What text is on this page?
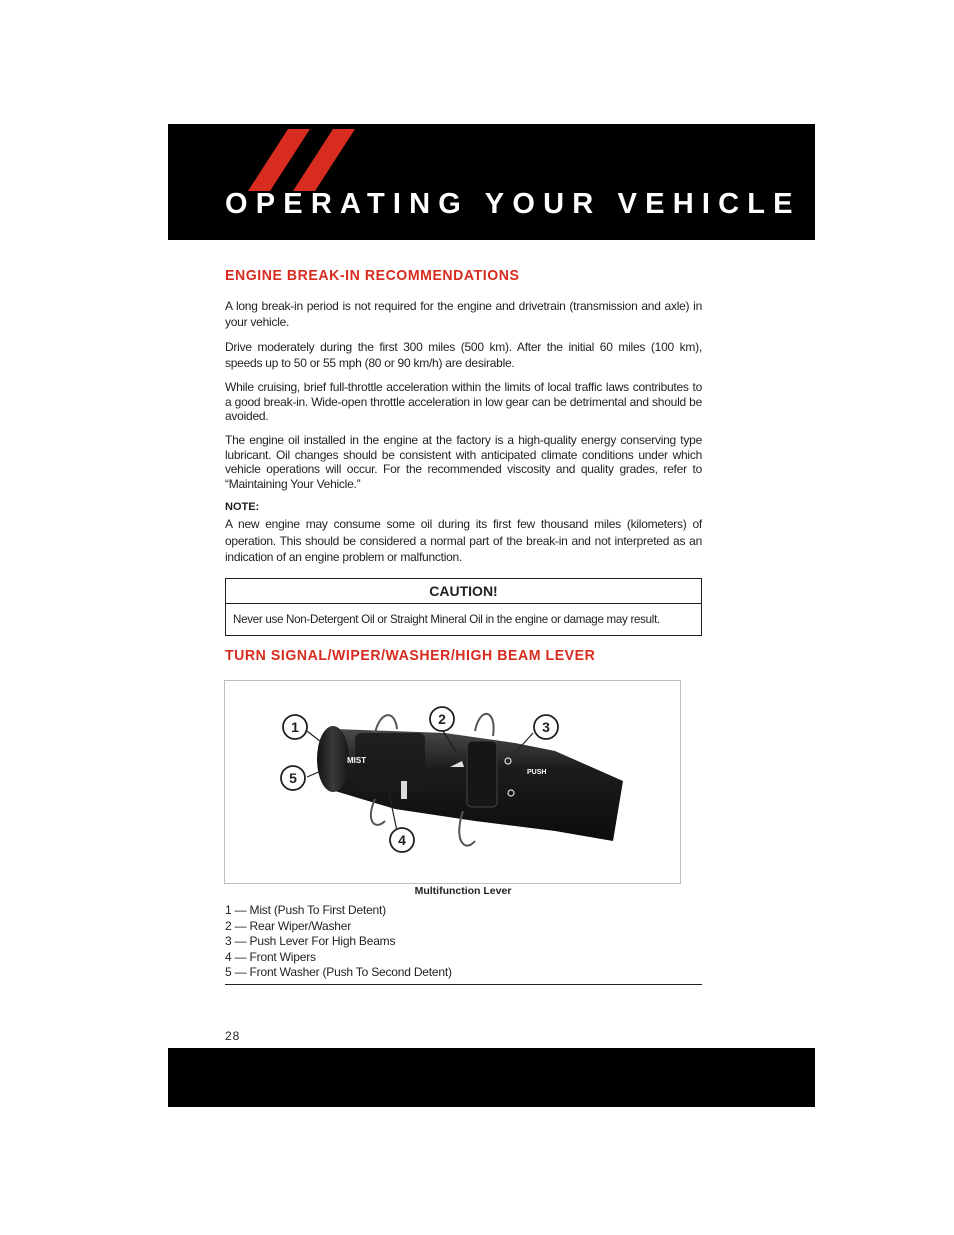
OPERATING YOUR VEHICLE
ENGINE BREAK-IN RECOMMENDATIONS

A long break-in period is not required for the engine and drivetrain (transmission and axle) in your vehicle.

Drive moderately during the first 300 miles (500 km). After the initial 60 miles (100 km), speeds up to 50 or 55 mph (80 or 90 km/h) are desirable.

While cruising, brief full-throttle acceleration within the limits of local traffic laws contributes to a good break-in. Wide-open throttle acceleration in low gear can be detrimental and should be avoided.

The engine oil installed in the engine at the factory is a high-quality energy conserving type lubricant. Oil changes should be consistent with anticipated climate conditions under which vehicle operations will occur. For the recommended viscosity and quality grades, refer to “Maintaining Your Vehicle.”

NOTE:

A new engine may consume some oil during its first few thousand miles (kilometers) of operation. This should be considered a normal part of the break-in and not interpreted as an indication of an engine problem or malfunction.

CAUTION!
Never use Non-Detergent Oil or Straight Mineral Oil in the engine or damage may result.
TURN SIGNAL/WIPER/WASHER/HIGH BEAM LEVER
MIST
PUSH
1	2	3
4
5
Multifunction Lever
1 — Mist (Push To First Detent)
2 — Rear Wiper/Washer
3 — Push Lever For High Beams
4 — Front Wipers
5 — Front Washer (Push To Second Detent)
28
